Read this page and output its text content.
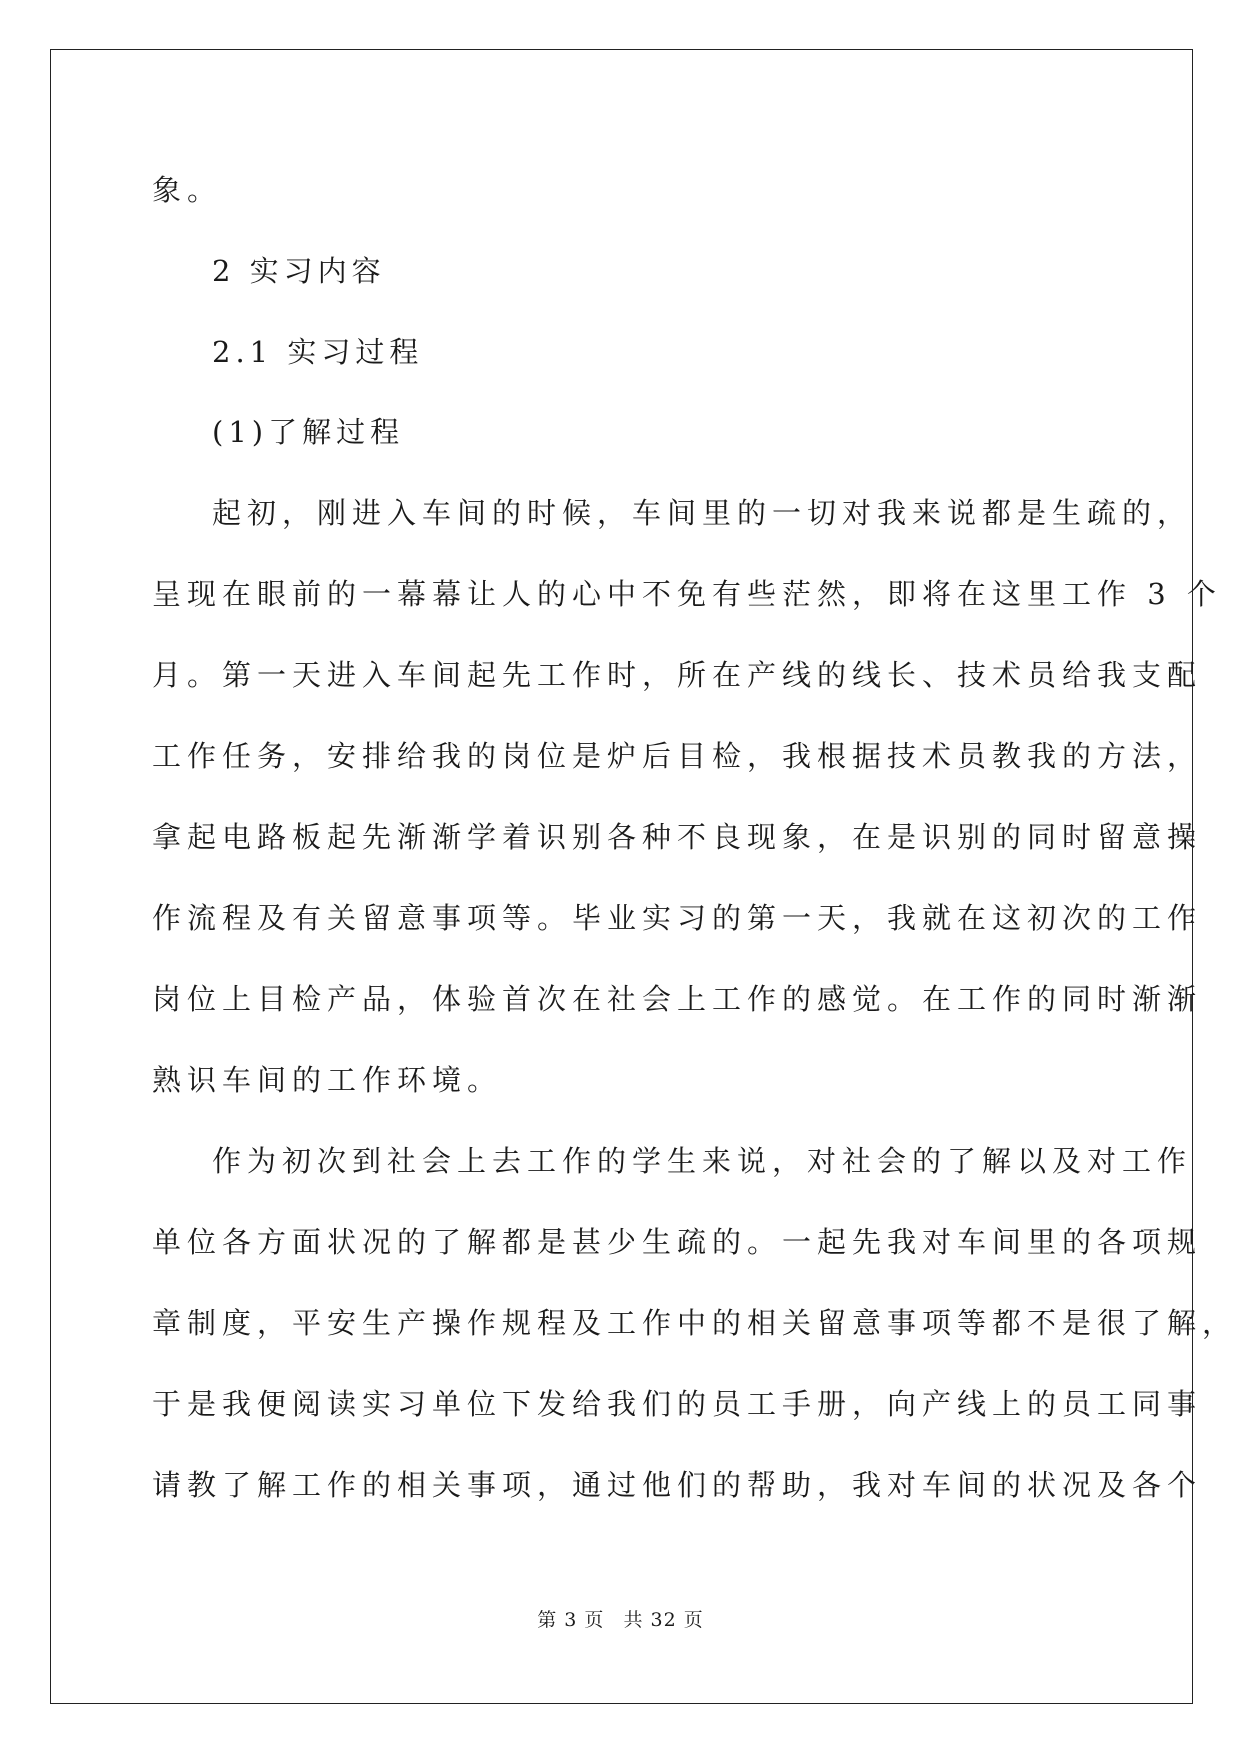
象。
2 实习内容
2.1 实习过程
(1)了解过程
起初，刚进入车间的时候，车间里的一切对我来说都是生疏的，
呈现在眼前的一幕幕让人的心中不免有些茫然，即将在这里工作 3 个
月。第一天进入车间起先工作时，所在产线的线长、技术员给我支配
工作任务，安排给我的岗位是炉后目检，我根据技术员教我的方法，
拿起电路板起先渐渐学着识别各种不良现象，在是识别的同时留意操
作流程及有关留意事项等。毕业实习的第一天，我就在这初次的工作
岗位上目检产品，体验首次在社会上工作的感觉。在工作的同时渐渐
熟识车间的工作环境。
作为初次到社会上去工作的学生来说，对社会的了解以及对工作
单位各方面状况的了解都是甚少生疏的。一起先我对车间里的各项规
章制度，平安生产操作规程及工作中的相关留意事项等都不是很了解，
于是我便阅读实习单位下发给我们的员工手册，向产线上的员工同事
请教了解工作的相关事项，通过他们的帮助，我对车间的状况及各个
第 3 页 共 32 页
